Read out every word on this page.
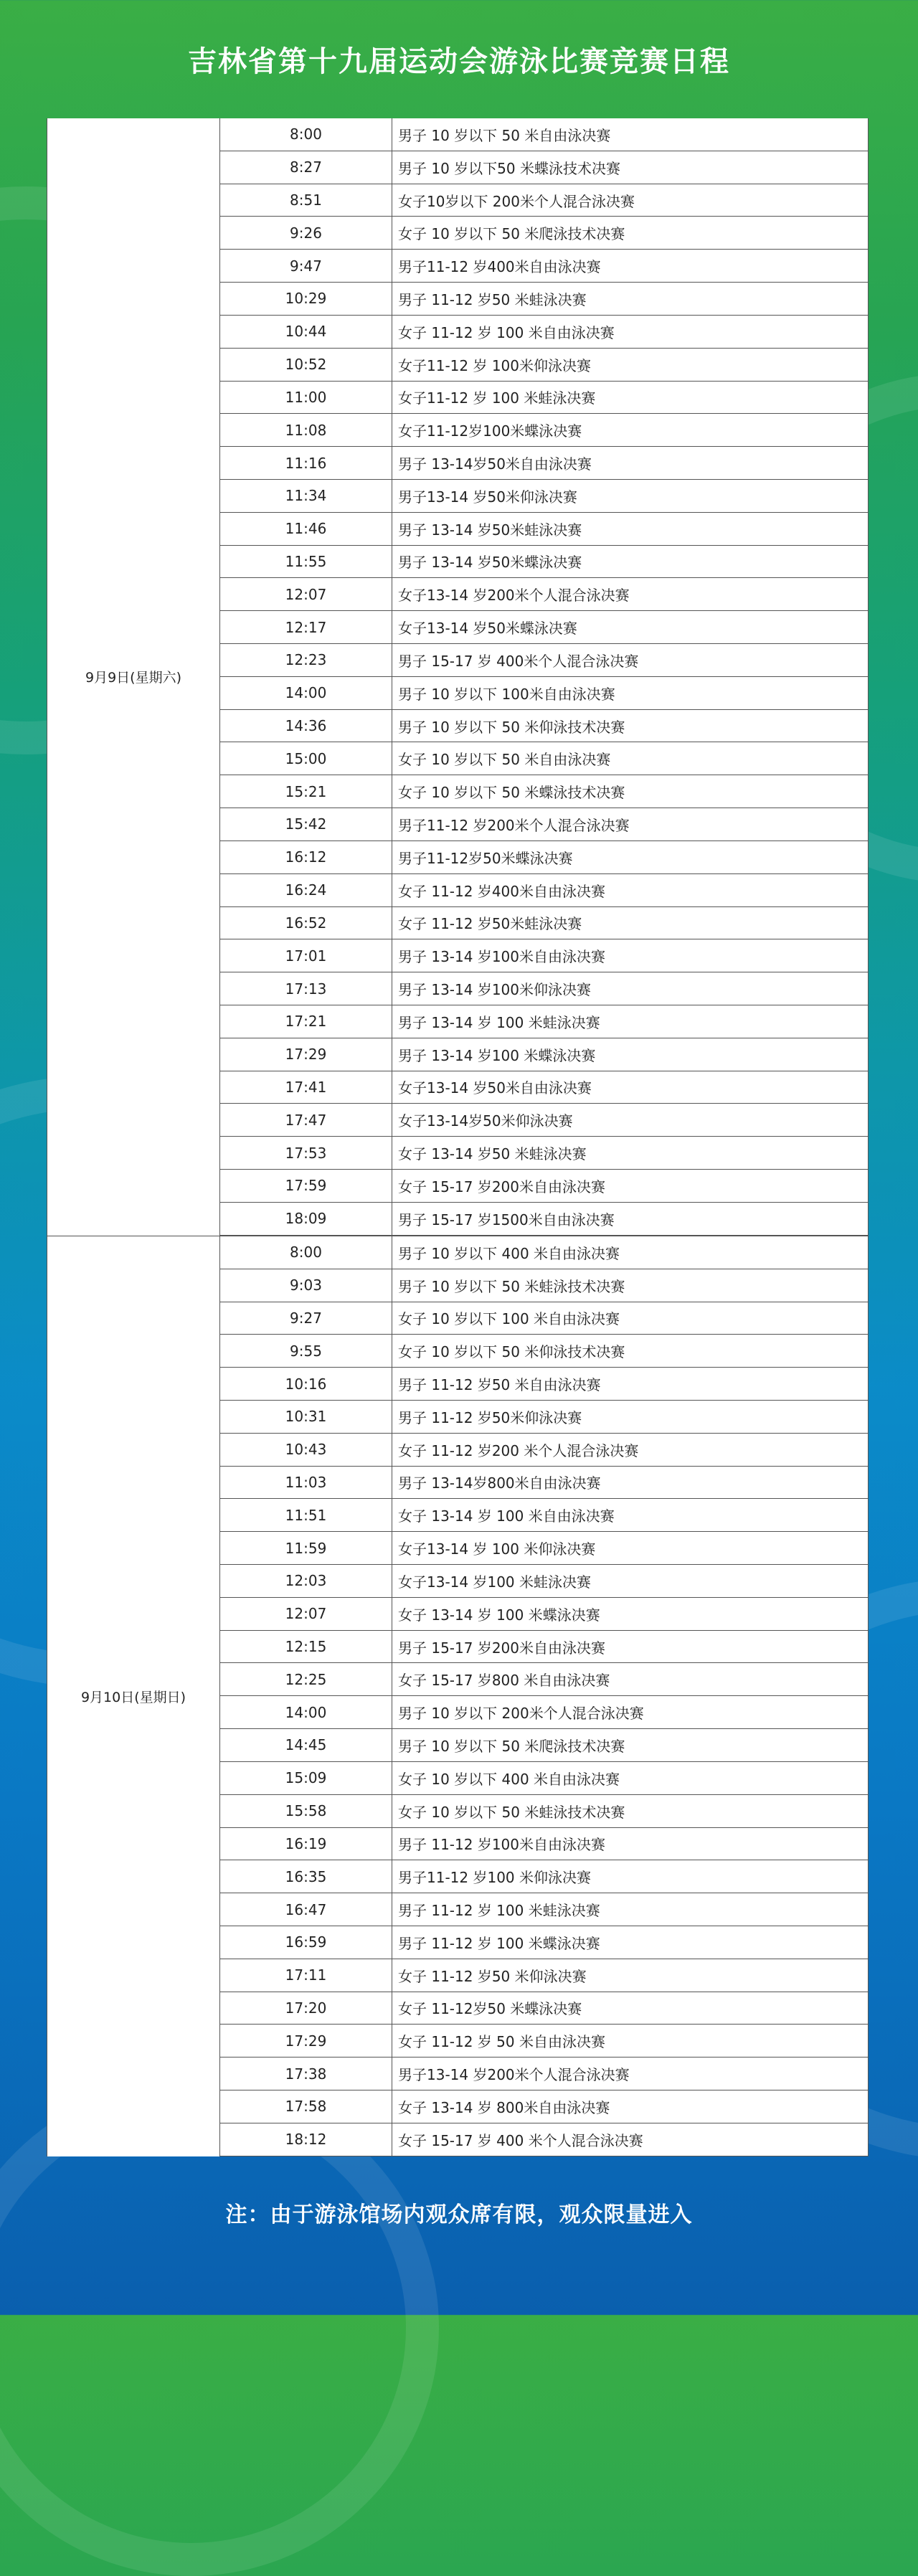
吉林省第十九届运动会游泳比赛竞赛日程
9月9日(星期六)
8:00	男子 10 岁以下 50 米自由泳决赛
8:27	男子 10 岁以下50 米蝶泳技术决赛
8:51	女子10岁以下 200米个人混合泳决赛
9:26	女子 10 岁以下 50 米爬泳技术决赛
9:47	男子11-12 岁400米自由泳决赛
10:29	男子 11-12 岁50 米蛙泳决赛
10:44	女子 11-12 岁 100 米自由泳决赛
10:52	女子11-12 岁 100米仰泳决赛
11:00	女子11-12 岁 100 米蛙泳决赛
11:08	女子11-12岁100米蝶泳决赛
11:16	男子 13-14岁50米自由泳决赛
11:34	男子13-14 岁50米仰泳决赛
11:46	男子 13-14 岁50米蛙泳决赛
11:55	男子 13-14 岁50米蝶泳决赛
12:07	女子13-14 岁200米个人混合泳决赛
12:17	女子13-14 岁50米蝶泳决赛
12:23	男子 15-17 岁 400米个人混合泳决赛
14:00	男子 10 岁以下 100米自由泳决赛
14:36	男子 10 岁以下 50 米仰泳技术决赛
15:00	女子 10 岁以下 50 米自由泳决赛
15:21	女子 10 岁以下 50 米蝶泳技术决赛
15:42	男子11-12 岁200米个人混合泳决赛
16:12	男子11-12岁50米蝶泳决赛
16:24	女子 11-12 岁400米自由泳决赛
16:52	女子 11-12 岁50米蛙泳决赛
17:01	男子 13-14 岁100米自由泳决赛
17:13	男子 13-14 岁100米仰泳决赛
17:21	男子 13-14 岁 100 米蛙泳决赛
17:29	男子 13-14 岁100 米蝶泳决赛
17:41	女子13-14 岁50米自由泳决赛
17:47	女子13-14岁50米仰泳决赛
17:53	女子 13-14 岁50 米蛙泳决赛
17:59	女子 15-17 岁200米自由泳决赛
18:09	男子 15-17 岁1500米自由泳决赛
9月10日(星期日)
8:00	男子 10 岁以下 400 米自由泳决赛
9:03	男子 10 岁以下 50 米蛙泳技术决赛
9:27	女子 10 岁以下 100 米自由泳决赛
9:55	女子 10 岁以下 50 米仰泳技术决赛
10:16	男子 11-12 岁50 米自由泳决赛
10:31	男子 11-12 岁50米仰泳决赛
10:43	女子 11-12 岁200 米个人混合泳决赛
11:03	男子 13-14岁800米自由泳决赛
11:51	女子 13-14 岁 100 米自由泳决赛
11:59	女子13-14 岁 100 米仰泳决赛
12:03	女子13-14 岁100 米蛙泳决赛
12:07	女子 13-14 岁 100 米蝶泳决赛
12:15	男子 15-17 岁200米自由泳决赛
12:25	女子 15-17 岁800 米自由泳决赛
14:00	男子 10 岁以下 200米个人混合泳决赛
14:45	男子 10 岁以下 50 米爬泳技术决赛
15:09	女子 10 岁以下 400 米自由泳决赛
15:58	女子 10 岁以下 50 米蛙泳技术决赛
16:19	男子 11-12 岁100米自由泳决赛
16:35	男子11-12 岁100 米仰泳决赛
16:47	男子 11-12 岁 100 米蛙泳决赛
16:59	男子 11-12 岁 100 米蝶泳决赛
17:11	女子 11-12 岁50 米仰泳决赛
17:20	女子 11-12岁50 米蝶泳决赛
17:29	女子 11-12 岁 50 米自由泳决赛
17:38	男子13-14 岁200米个人混合泳决赛
17:58	女子 13-14 岁 800米自由泳决赛
18:12	女子 15-17 岁 400 米个人混合泳决赛
注：由于游泳馆场内观众席有限，观众限量进入
